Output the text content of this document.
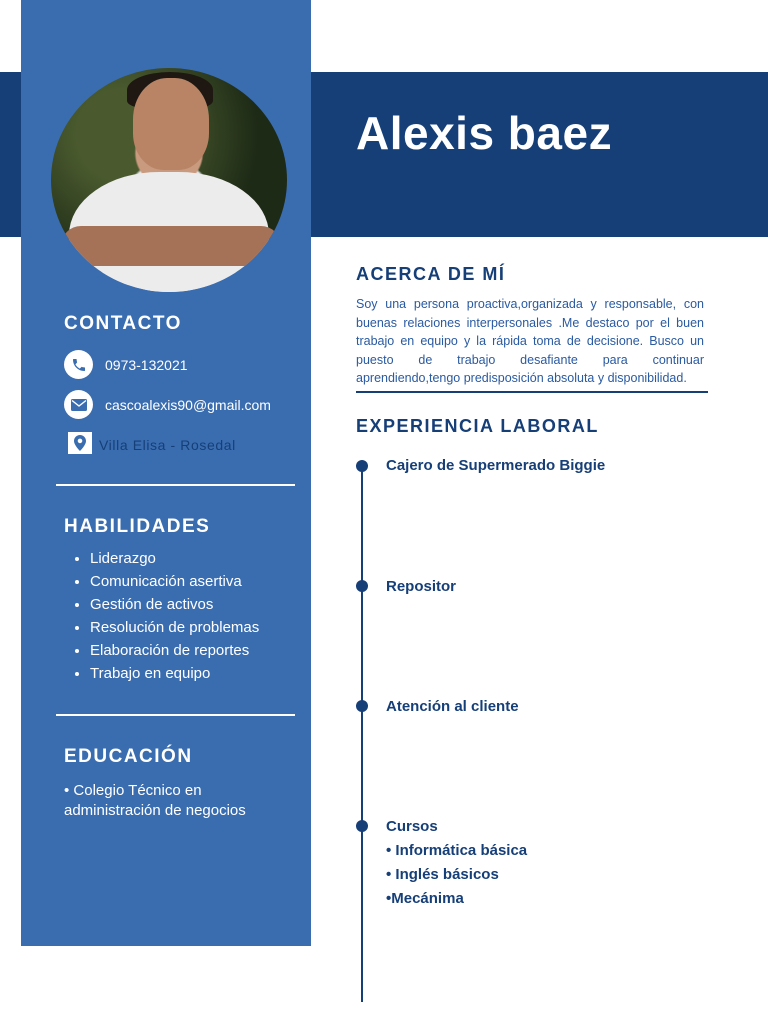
Alexis baez
CONTACTO
0973-132021
cascoalexis90@gmail.com
Villa Elisa - Rosedal
HABILIDADES
• Liderazgo
• Comunicación asertiva
• Gestión de activos
• Resolución de problemas
• Elaboración de reportes
• Trabajo en equipo
EDUCACIÓN

• Colegio Técnico en administración de negocios

ACERCA DE MÍ

Soy una persona proactiva,organizada y responsable, con buenas relaciones interpersonales .Me destaco por el buen trabajo en equipo y la rápida toma de decisione. Busco un puesto de trabajo desafiante para continuar aprendiendo,tengo predisposición absoluta y disponibilidad.

EXPERIENCIA LABORAL

Cajero de Supermerado Biggie

Repositor

Atención al cliente

Cursos

• Informática básica

• Inglés básicos

•Mecánima
